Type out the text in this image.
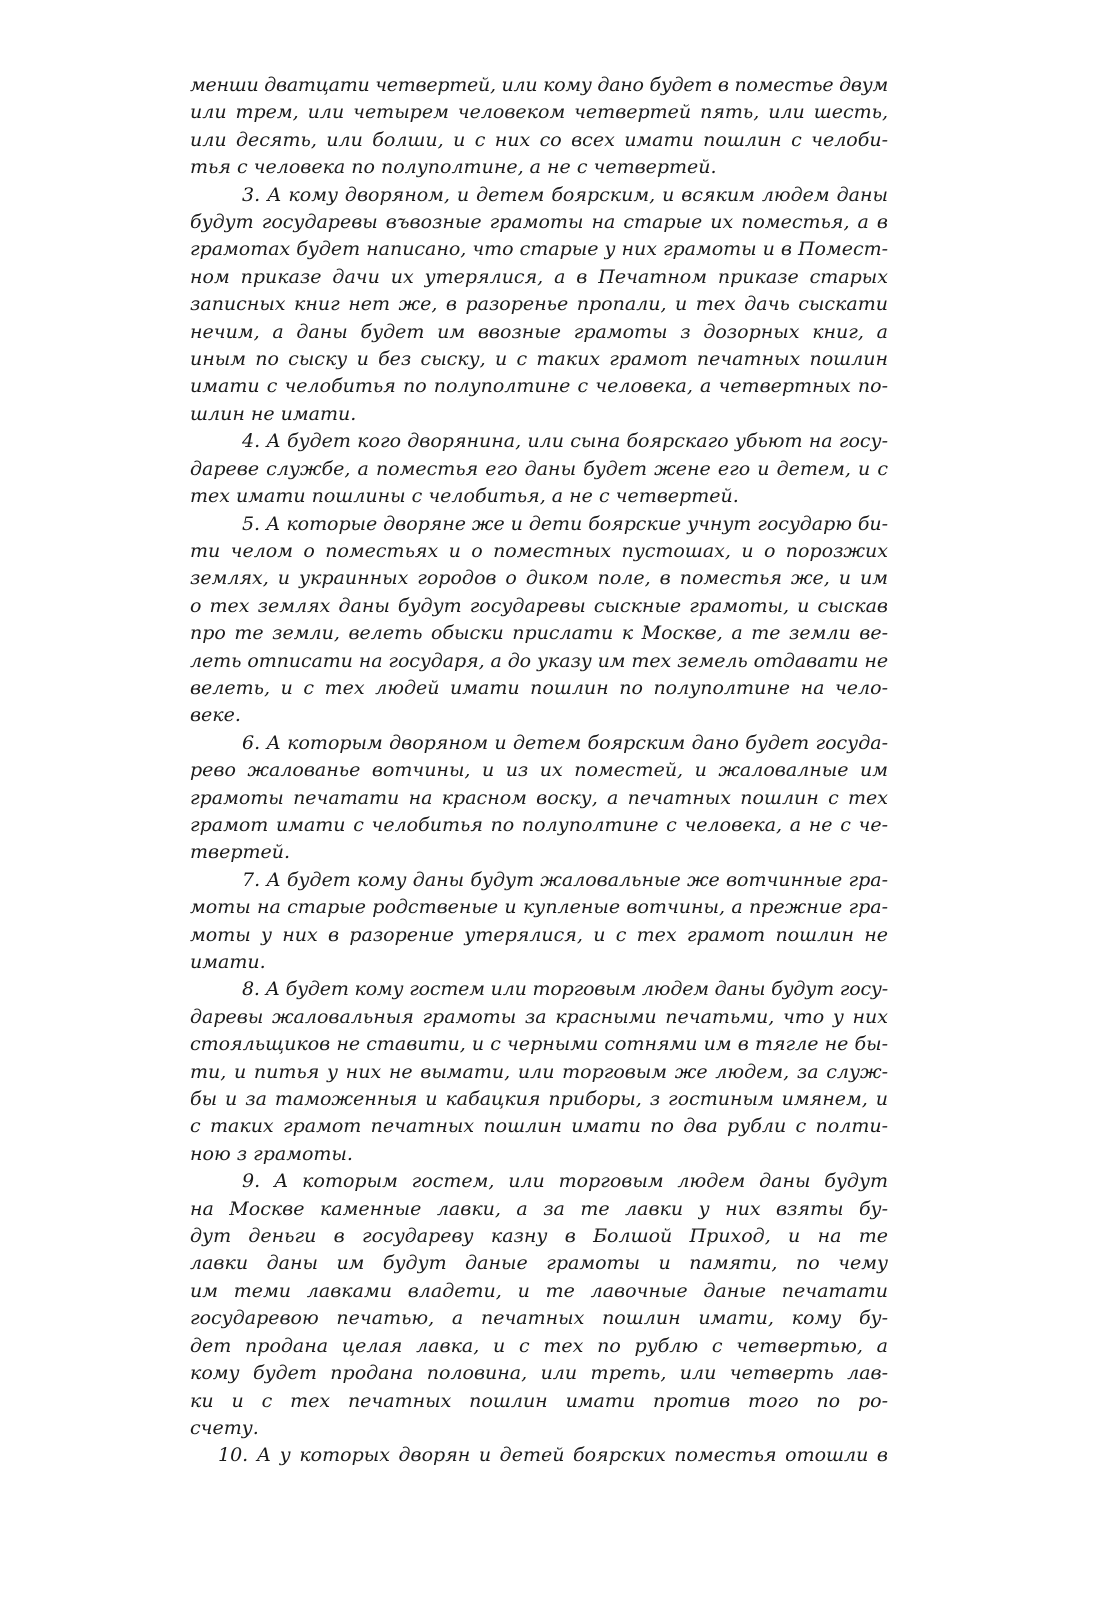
менши дватцати четвертей, или кому дано будет в поместье двум
или трем, или четырем человеком четвертей пять, или шесть,
или десять, или болши, и с них со всех имати пошлин с челоби-
тья с человека по полуполтине, а не с четвертей.
3. А кому дворяном, и детем боярским, и всяким людем даны
будут государевы въвозные грамоты на старые их поместья, а в
грамотах будет написано, что старые у них грамоты и в Помест-
ном приказе дачи их утерялися, а в Печатном приказе старых
записных книг нет же, в разоренье пропали, и тех дачь сыскати
нечим, а даны будет им ввозные грамоты з дозорных книг, а
иным по сыску и без сыску, и с таких грамот печатных пошлин
имати с челобитья по полуполтине с человека, а четвертных по-
шлин не имати.
4. А будет кого дворянина, или сына боярскаго убьют на госу-
дареве службе, а поместья его даны будет жене его и детем, и с
тех имати пошлины с челобитья, а не с четвертей.
5. А которые дворяне же и дети боярские учнут государю би-
ти челом о поместьях и о поместных пустошах, и о порозжих
землях, и украинных городов о диком поле, в поместья же, и им
о тех землях даны будут государевы сыскные грамоты, и сыскав
про те земли, велеть обыски прислати к Москве, а те земли ве-
леть отписати на государя, а до указу им тех земель отдавати не
велеть, и с тех людей имати пошлин по полуполтине на чело-
веке.
6. А которым дворяном и детем боярским дано будет госуда-
рево жалованье вотчины, и из их поместей, и жаловалные им
грамоты печатати на красном воску, а печатных пошлин с тех
грамот имати с челобитья по полуполтине с человека, а не с че-
твертей.
7. А будет кому даны будут жаловальные же вотчинные гра-
моты на старые родственые и купленые вотчины, а прежние гра-
моты у них в разорение утерялися, и с тех грамот пошлин не
имати.
8. А будет кому гостем или торговым людем даны будут госу-
даревы жаловальныя грамоты за красными печатьми, что у них
стояльщиков не ставити, и с черными сотнями им в тягле не бы-
ти, и питья у них не вымати, или торговым же людем, за служ-
бы и за таможенныя и кабацкия приборы, з гостиным имянем, и
с таких грамот печатных пошлин имати по два рубли с полти-
ною з грамоты.
9. А которым гостем, или торговым людем даны будут
на Москве каменные лавки, а за те лавки у них взяты бу-
дут деньги в государеву казну в Болшой Приход, и на те
лавки даны им будут даные грамоты и памяти, по чему
им теми лавками владети, и те лавочные даные печатати
государевою печатью, а печатных пошлин имати, кому бу-
дет продана целая лавка, и с тех по рублю с четвертью, а
кому будет продана половина, или треть, или четверть лав-
ки и с тех печатных пошлин имати против того по ро-
счету.
10. А у которых дворян и детей боярских поместья отошли в
